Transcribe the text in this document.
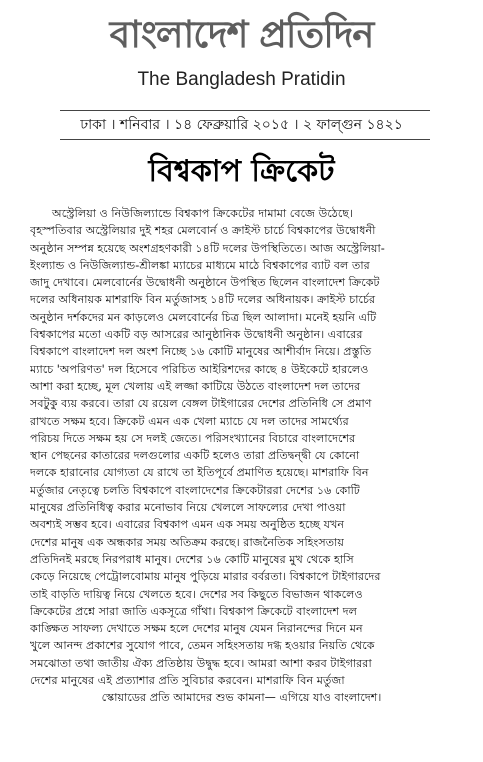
বাংলাদেশ প্রতিদিন
The Bangladesh Pratidin
ঢাকা । শনিবার । ১৪ ফেব্রুয়ারি ২০১৫ । ২ ফাল্গুন ১৪২১
বিশ্বকাপ ক্রিকেট
অস্ট্রেলিয়া ও নিউজিল্যান্ডে বিশ্বকাপ ক্রিকেটের দামামা বেজে উঠেছে।
বৃহস্পতিবার অস্ট্রেলিয়ার দুই শহর মেলবোর্ন ও ক্রাইস্ট চার্চে বিশ্বকাপের উদ্বোধনী
অনুষ্ঠান সম্পন্ন হয়েছে অংশগ্রহণকারী ১৪টি দলের উপস্থিতিতে। আজ অস্ট্রেলিয়া-
ইংল্যান্ড ও নিউজিল্যান্ড-শ্রীলঙ্কা ম্যাচের মাধ্যমে মাঠে বিশ্বকাপের ব্যাট বল তার
জাদু দেখাবে। মেলবোর্নের উদ্বোধনী অনুষ্ঠানে উপস্থিত ছিলেন বাংলাদেশ ক্রিকেট
দলের অধিনায়ক মাশরাফি বিন মর্তুজাসহ ১৪টি দলের অধিনায়ক। ক্রাইস্ট চার্চের
অনুষ্ঠান দর্শকদের মন কাড়লেও মেলবোর্নের চিত্র ছিল আলাদা। মনেই হয়নি এটি
বিশ্বকাপের মতো একটি বড় আসরের আনুষ্ঠানিক উদ্বোধনী অনুষ্ঠান। এবারের
বিশ্বকাপে বাংলাদেশ দল অংশ নিচ্ছে ১৬ কোটি মানুষের আশীর্বাদ নিয়ে। প্রস্তুতি
ম্যাচে 'অপরিণত' দল হিসেবে পরিচিত আইরিশদের কাছে ৪ উইকেটে হারলেও
আশা করা হচ্ছে, মূল খেলায় এই লজ্জা কাটিয়ে উঠতে বাংলাদেশ দল তাদের
সবটুকু ব্যয় করবে। তারা যে রয়েল বেঙ্গল টাইগারের দেশের প্রতিনিধি সে প্রমাণ
রাখতে সক্ষম হবে। ক্রিকেট এমন এক খেলা ম্যাচে যে দল তাদের সামর্থ্যের
পরিচয় দিতে সক্ষম হয় সে দলই জেতে। পরিসংখ্যানের বিচারে বাংলাদেশের
স্থান পেছনের কাতারের দলগুলোর একটি হলেও তারা প্রতিদ্বন্দ্বী যে কোনো
দলকে হারানোর যোগ্যতা যে রাখে তা ইতিপূর্বে প্রমাণিত হয়েছে। মাশরাফি বিন
মর্তুজার নেতৃত্বে চলতি বিশ্বকাপে বাংলাদেশের ক্রিকেটাররা দেশের ১৬ কোটি
মানুষের প্রতিনিধিত্ব করার মনোভাব নিয়ে খেললে সাফল্যের দেখা পাওয়া
অবশ্যই সম্ভব হবে। এবারের বিশ্বকাপ এমন এক সময় অনুষ্ঠিত হচ্ছে যখন
দেশের মানুষ এক অন্ধকার সময় অতিক্রম করছে। রাজনৈতিক সহিংসতায়
প্রতিদিনই মরছে নিরপরাধ মানুষ। দেশের ১৬ কোটি মানুষের মুখ থেকে হাসি
কেড়ে নিয়েছে পেট্রোলবোমায় মানুষ পুড়িয়ে মারার বর্বরতা। বিশ্বকাপে টাইগারদের
তাই বাড়তি দায়িত্ব নিয়ে খেলতে হবে। দেশের সব কিছুতে বিভাজন থাকলেও
ক্রিকেটের প্রশ্নে সারা জাতি একসূত্রে গাঁথা। বিশ্বকাপ ক্রিকেটে বাংলাদেশ দল
কাঙ্ক্ষিত সাফল্য দেখাতে সক্ষম হলে দেশের মানুষ যেমন নিরানন্দের দিনে মন
খুলে আনন্দ প্রকাশের সুযোগ পাবে, তেমন সহিংসতায় দগ্ধ হওয়ার নিয়তি থেকে
সমঝোতা তথা জাতীয় ঐক্য প্রতিষ্ঠায় উদ্বুদ্ধ হবে। আমরা আশা করব টাইগাররা
দেশের মানুষের এই প্রত্যাশার প্রতি সুবিচার করবেন। মাশরাফি বিন মর্তুজা
স্কোয়াডের প্রতি আমাদের শুভ কামনা— এগিয়ে যাও বাংলাদেশ।
